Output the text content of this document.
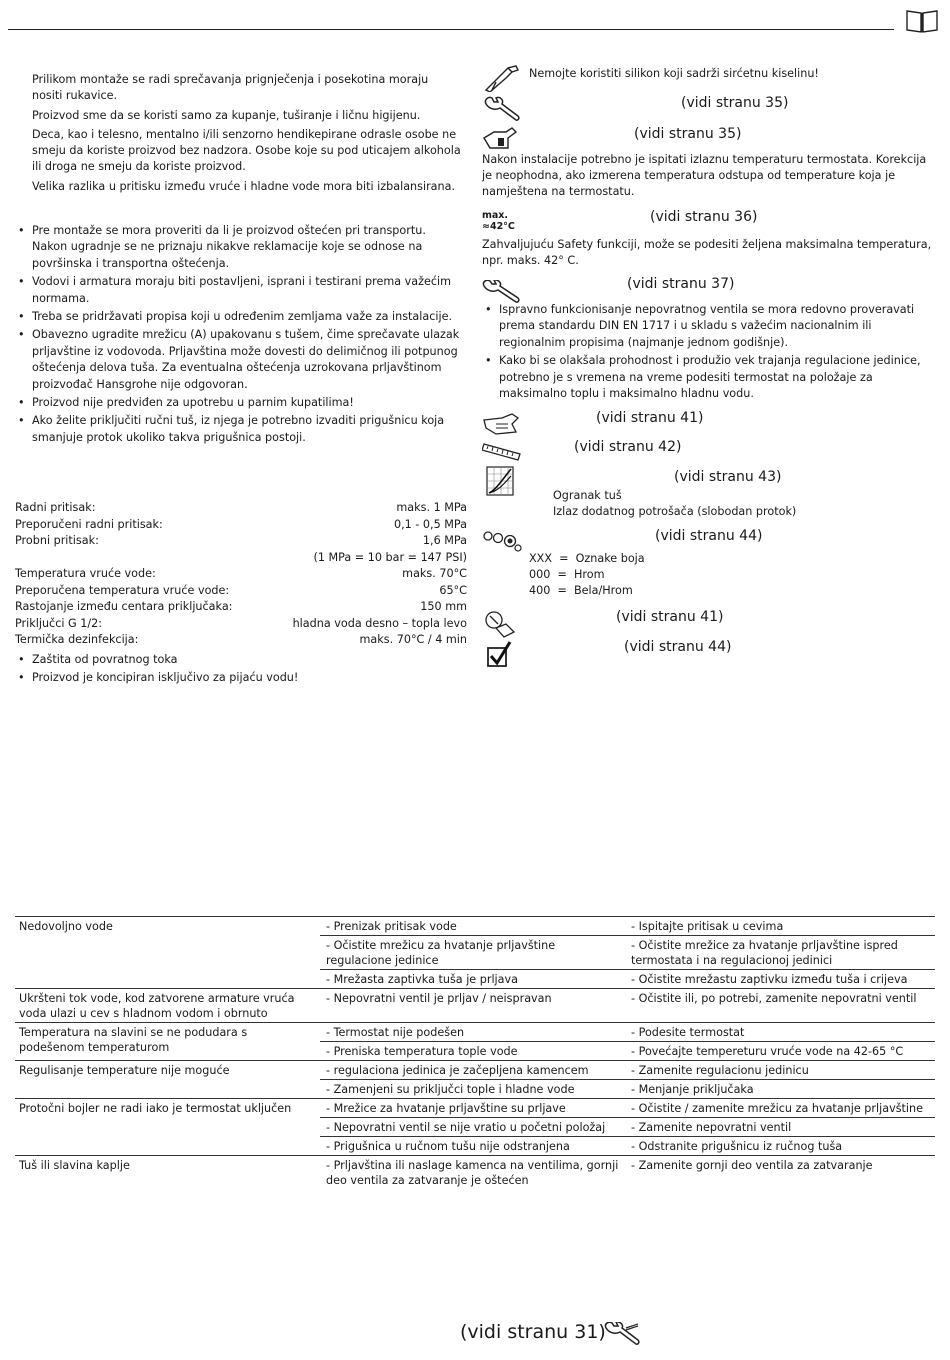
Prilikom montaže se radi sprečavanja prignječenja i posekotina moraju nositi rukavice.
Proizvod sme da se koristi samo za kupanje, tuširanje i ličnu higijenu.
Deca, kao i telesno, mentalno i/ili senzorno hendikepirane odrasle osobe ne smeju da koriste proizvod bez nadzora. Osobe koje su pod uticajem alkohola ili droga ne smeju da koriste proizvod.
Velika razlika u pritisku između vruće i hladne vode mora biti izbalansirana.
• Pre montaže se mora proveriti da li je proizvod oštećen pri transportu. Nakon ugradnje se ne priznaju nikakve reklamacije koje se odnose na površinska i transportna oštećenja.
• Vodovi i armatura moraju biti postavljeni, isprani i testirani prema važećim normama.
• Treba se pridržavati propisa koji u određenim zemljama važe za instalacije.
• Obavezno ugradite mrežicu (A) upakovanu s tušem, čime sprečavate ulazak prljavštine iz vodovoda. Prljavština može dovesti do delimičnog ili potpunog oštećenja delova tuša. Za eventualna oštećenja uzrokovana prljavštinom proizvođač Hansgrohe nije odgovoran.
• Proizvod nije predviđen za upotrebu u parnim kupatilima!
• Ako želite priključiti ručni tuš, iz njega je potrebno izvaditi prigušnicu koja smanjuje protok ukoliko takva prigušnica postoji.
Radni pritisak:	maks. 1 MPa
Preporučeni radni pritisak:	0,1 - 0,5 MPa
Probni pritisak:	1,6 MPa
(1 MPa = 10 bar = 147 PSI)
Temperatura vruće vode:	maks. 70°C
Preporučena temperatura vruće vode:	65°C
Rastojanje između centara priključaka:	150 mm
Priključci G 1/2:	hladna voda desno – topla levo
Termička dezinfekcija:	maks. 70°C / 4 min
• Zaštita od povratnog toka
• Proizvod je koncipiran isključivo za pijaću vodu!
Nemojte koristiti silikon koji sadrži sirćetnu kiselinu!
(vidi stranu 35)
(vidi stranu 35)
Nakon instalacije potrebno je ispitati izlaznu temperaturu termostata. Korekcija je neophodna, ako izmerena temperatura odstupa od temperature koja je namještena na termostatu.
max.
≈42°C
(vidi stranu 36)
Zahvaljujuću Safety funkciji, može se podesiti željena maksimalna temperatura, npr. maks. 42° C.
(vidi stranu 37)
• Ispravno funkcionisanje nepovratnog ventila se mora redovno proveravati prema standardu DIN EN 1717 i u skladu s važećim nacionalnim ili regionalnim propisima (najmanje jednom godišnje).
• Kako bi se olakšala prohodnost i produžio vek trajanja regulacione jedinice, potrebno je s vremena na vreme podesiti termostat na položaje za maksimalno toplu i maksimalno hladnu vodu.
(vidi stranu 41)
(vidi stranu 42)
(vidi stranu 43)
Ogranak tuš
Izlaz dodatnog potrošača (slobodan protok)
(vidi stranu 44)
XXX  =  Oznake boja
000  =  Hrom
400  =  Bela/Hrom
(vidi stranu 41)
(vidi stranu 44)
Nedovoljno vode	- Prenizak pritisak vode	- Ispitajte pritisak u cevima
	- Očistite mrežicu za hvatanje prljavštine regulacione jedinice	- Očistite mrežice za hvatanje prljavštine ispred termostata i na regulacionoj jedinici
	- Mrežasta zaptivka tuša je prljava	- Očistite mrežastu zaptivku između tuša i crijeva
Ukršteni tok vode, kod zatvorene armature vruća voda ulazi u cev s hladnom vodom i obrnuto	- Nepovratni ventil je prljav / neispravan	- Očistite ili, po potrebi, zamenite nepovratni ventil
Temperatura na slavini se ne podudara s podešenom temperaturom	- Termostat nije podešen	- Podesite termostat
	- Preniska temperatura tople vode	- Povećajte tempereturu vruće vode na 42-65 °C
Regulisanje temperature nije moguće	- regulaciona jedinica je začepljena kamencem	- Zamenite regulacionu jedinicu
	- Zamenjeni su priključci tople i hladne vode	- Menjanje priključaka
Protočni bojler ne radi iako je termostat uključen	- Mrežice za hvatanje prljavštine su prljave	- Očistite / zamenite mrežicu za hvatanje prljavštine
	- Nepovratni ventil se nije vratio u početni položaj	- Zamenite nepovratni ventil
	- Prigušnica u ručnom tušu nije odstranjena	- Odstranite prigušnicu iz ručnog tuša
Tuš ili slavina kaplje	- Prljavština ili naslage kamenca na ventilima, gornji deo ventila za zatvaranje je oštećen	- Zamenite gornji deo ventila za zatvaranje
(vidi stranu 31)
